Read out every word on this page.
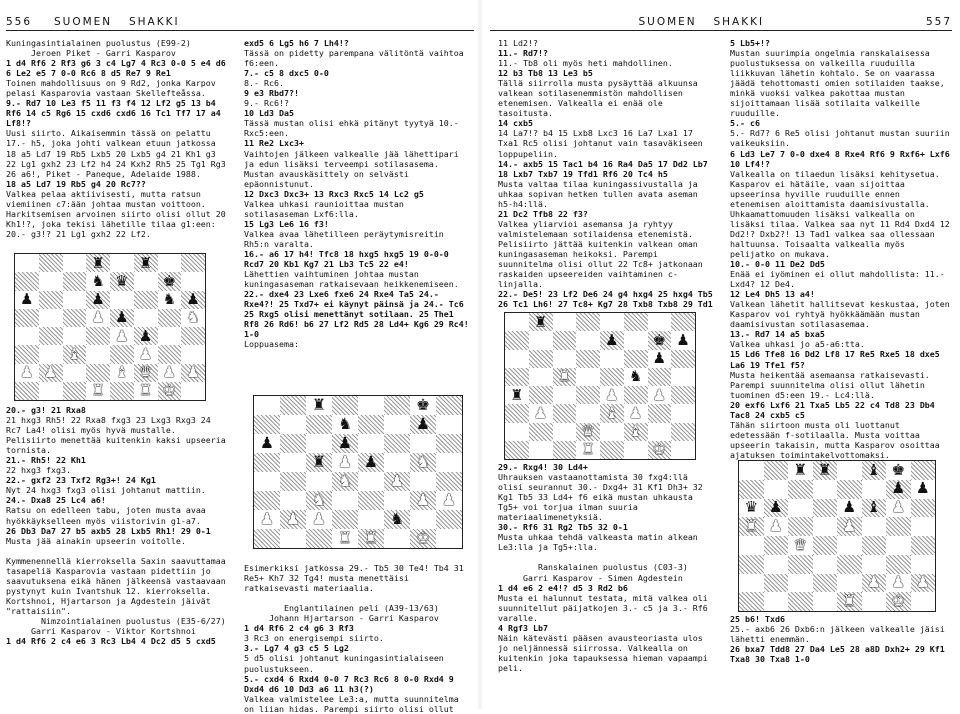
556	SUOMEN	SHAKKI

Kuningasintialainen puolustus (E99-2)

Jeroen Piket - Garri Kasparov

1 d4 Rf6 2 Rf3 g6 3 c4 Lg7 4 Rc3 0-0 5 e4 d6 6 Le2 e5 7 0-0 Rc6 8 d5 Re7 9 Re1

Toinen mahdollisuus on 9 Rd2, jonka Karpov pelasi Kasparovia vastaan Skellefteåssa.

9.- Rd7 10 Le3 f5 11 f3 f4 12 Lf2 g5 13 b4 Rf6 14 c5 Rg6 15 cxd6 cxd6 16 Tc1 Tf7 17 a4 Lf8!?

Uusi siirto. Aikaisemmin tässä on pelattu 17.- h5, joka johti valkean etuun jatkossa 18 a5 Ld7 19 Rb5 Lxb5 20 Lxb5 g4 21 Kh1 g3 22 Lg1 gxh2 23 Lf2 h4 24 Kxh2 Rh5 25 Tg1 Rg3 26 a6!, Piket - Paneque, Adelaide 1988.

18 a5 Ld7 19 Rb5 g4 20 Rc7??

Valkea pelaa aktiivisesti, mutta ratsun viemiinen c7:ään johtaa mustan voittoon. Harkitsemisen arvoinen siirto olisi ollut 20 Kh1!?, joka tekisi lähetille tilaa g1:een: 20.- g3!? 21 Lg1 gxh2 22 Lf2.

♜ ♜
♞ ♛ ♚
♟	♟	♞ ♟
♟ ♟	♞
♟ ♟
♝	♟
♟ ♟	♝ ♛ ♟ ♟
♜ ♜ ♚

20.- g3! 21 Rxa8

21 hxg3 Rh5! 22 Rxa8 fxg3 23 Lxg3 Rxg3 24 Rc7 La4! olisi myös hyvä mustalle. Pelisiirto menettää kuitenkin kaksi upseeria tornista.

21.- Rh5! 22 Kh1

22 hxg3 fxg3.

22.- gxf2 23 Txf2 Rg3+! 24 Kg1

Nyt 24 hxg3 fxg3 olisi johtanut mattiin.

24.- Dxa8 25 Lc4 a6!

Ratsu on edelleen tabu, joten musta avaa hyökkäykselleen myös viistorivin g1-a7.

26 Db3 Da7 27 b5 axb5 28 Lxb5 Rh1! 29 0-1

Musta jää ainakin upseerin voitolle.

Kymmenennellä kierroksella Saxin saavuttamaa tasapeliä Kasparovia vastaan pidettiin jo saavutuksena eikä hänen jälkeensä vastaavaan pystynyt kuin Ivantshuk 12. kierroksella. Kortshnoi, Hjartarson ja Agdestein jäivät "rattaisiin".

Nimzointialainen puolustus (E35-6/27)

Garri Kasparov - Viktor Kortshnoi

1 d4 Rf6 2 c4 e6 3 Rc3 Lb4 4 Dc2 d5 5 cxd5

exd5 6 Lg5 h6 7 Lh4!?

Tässä on pidetty parempana välitöntä vaihtoa f6:een.

7.- c5 8 dxc5 0-0

8.- Rc6.

9 e3 Rbd7?!

9.- Rc6!?

10 Ld3 Da5

Tässä mustan olisi ehkä pitänyt tyytyä 10.- Rxc5:een.

11 Re2 Lxc3+

Vaihtojen jälkeen valkealle jää lähettipari ja edun lisäksi terveempi sotilasasema. Mustan avauskäsittely on selvästi epäonnistunut.

12 Dxc3 Dxc3+ 13 Rxc3 Rxc5 14 Lc2 g5

Valkea uhkasi raunioittaa mustan sotilasaseman Lxf6:lla.

15 Lg3 Le6 16 f3!

Valkea avaa lähetilleen peräytymisreitin Rh5:n varalta.

16.- a6 17 h4! Tfc8 18 hxg5 hxg5 19 0-0-0 Rcd7 20 Kb1 Kg7 21 Lb3 Tc5 22 e4!

Lähettien vaihtuminen johtaa mustan kuningasaseman ratkaisevaan heikkenemiseen.

22.- dxe4 23 Lxe6 fxe6 24 Rxe4 Ta5 24.- Rxe4?! 25 Txd7+ ei käynyt päinsä ja 24.- Tc6 25 Rxg5 olisi menettänyt sotilaan. 25 The1 Rf8 26 Rd6! b6 27 Lf2 Rd5 28 Ld4+ Kg6 29 Rc4! 1-0

Loppuasema:

♜	♚
♞	♟
♟	♟
♜ ♟ ♟ ♞
♞ ♟
♞	♟ ♟
♟ ♟ ♟	♞
♜ ♜ ♚

Esimerkiksi jatkossa 29.- Tb5 30 Te4! Tb4 31 Re5+ Kh7 32 Tg4! musta menettäisi ratkaisevasti materiaalia.

Englantilainen peli (A39-13/63)

Johann Hjartarson - Garri Kasparov

1 d4 Rf6 2 c4 g6 3 Rf3

3 Rc3 on energisempi siirto.

3.- Lg7 4 g3 c5 5 Lg2

5 d5 olisi johtanut kuningasintialaiseen puolustukseen.

5.- cxd4 6 Rxd4 0-0 7 Rc3 Rc6 8 0-0 Rxd4 9 Dxd4 d6 10 Dd3 a6 11 h3(?)

Valkea valmistelee Le3:a, mutta suunnitelma on liian hidas. Parempi siirto olisi ollut

SUOMEN	SHAKKI	557

11 Ld2!?

11.- Rd7!?

11.- Tb8 oli myös heti mahdollinen.

12 b3 Tb8 13 Le3 b5

Tällä siirrolla musta pysäyttää alkuunsa valkean sotilasenemmistön mahdollisen etenemisen. Valkealla ei enää ole tasoitusta.

14 cxb5

14 La7!? b4 15 Lxb8 Lxc3 16 La7 Lxa1 17 Txa1 Rc5 olisi johtanut vain tasaväkiseen loppupeliin.

14.- axb5 15 Tac1 b4 16 Ra4 Da5 17 Dd2 Lb7 18 Lxb7 Txb7 19 Tfd1 Rf6 20 Tc4 h5

Musta valtaa tilaa kuningassivustalla ja uhkaa sopivan hetken tullen avata aseman h5-h4:llä.

21 Dc2 Tfb8 22 f3?

Valkea yliarvioi asemansa ja ryhtyy valmistelemaan sotilaidensa etenemistä. Pelisiirto jättää kuitenkin valkean oman kuningasaseman heikoksi. Parempi suunnitelma olisi ollut 22 Tc8+ jatkonaan raskaiden upseereiden vaihtaminen c-linjalla.

22.- De5! 23 Lf2 De6 24 g4 hxg4 25 hxg4 Tb5 26 Tc1 Lh6! 27 Tc8+ Kg7 28 Txb8 Txb8 29 Td1

♜
♟ ♚ ♟
♟
♜	♞
♜	♟ ♟
♟	♝ ♟
♛ ♝
♜	♚

29.- Rxg4! 30 Ld4+

Uhrauksen vastaanottamista 30 fxg4:llä olisi seurannut 30.- Dxg4+ 31 Kf1 Dh3+ 32 Kg1 Tb5 33 Ld4+ f6 eikä mustan uhkausta Tg5+ voi torjua ilman suuria materiaalimenetyksiä.

30.- Rf6 31 Rg2 Tb5 32 0-1

Musta uhkaa tehdä valkeasta matin alkean Le3:lla ja Tg5+:lla.

Ranskalainen puolustus (C03-3)

Garri Kasparov - Simen Agdestein

1 d4 e6 2 e4!? d5 3 Rd2 b6

Musta ei halunnut testata, mitä valkea oli suunnitellut päijatkojen 3.- c5 ja 3.- Rf6 varalle.

4 Rgf3 Lb7

Näin kätevästi pääsen avausteoriasta ulos jo neljännessä siirrossa. Valkealla on kuitenkin joka tapauksessa hieman vapaampi peli.

5 Lb5+!?

Mustan suurimpia ongelmia ranskalaisessa puolustuksessa on valkeilla ruuduilla liikkuvan lähetin kohtalo. Se on vaarassa jäädä tehottomasti omien sotilaiden taakse, minkä vuoksi valkea pakottaa mustan sijoittamaan lisää sotilaita valkeille ruuduille.

5.- c6

5.- Rd7? 6 Re5 olisi johtanut mustan suuriin vaikeuksiin.

6 Ld3 Le7 7 0-0 dxe4 8 Rxe4 Rf6 9 Rxf6+ Lxf6 10 Lf4!?

Valkealla on tilaedun lisäksi kehitysetua. Kasparov ei hätäile, vaan sijoittaa upseerinsa hyville ruuduille ennen etenemisen aloittamista daamisivustalla. Uhkaamattomuuden lisäksi valkealla on lisäksi tilaa. Valkea saa nyt 11 Rd4 Dxd4 12 Dd2!? Dxb2?! 13 Tad1 valkea saa ollessaan haltuunsa. Toisaalta valkealla myös pelijatko on mukava.

10.- 0-0 11 De2 Dd5

Enää ei iyöminen ei ollut mahdollista: 11.- Lxd4? 12 De4.

12 Le4 Dh5 13 a4!

Valkean lähetit hallitsevat keskustaa, joten Kasparov voi ryhtyä hyökkäämään mustan daamisivustan sotilasasemaa.

13.- Rd7 14 a5 bxa5

Valkea uhkasi jo a5-a6:tta.

15 Ld6 Tfe8 16 Dd2 Lf8 17 Re5 Rxe5 18 dxe5 La6 19 Tfe1 f5?

Musta heikentää asemaansa ratkaisevasti. Parempi suunnitelma olisi ollut lähetin tuominen d5:een 19.- Lc4:llä.

20 exf6 Lxf6 21 Txa5 Lb5 22 c4 Td8 23 Db4 Tac8 24 cxb5 c5

Tähän siirtoon musta oli luottanut edetessään f-sotilaalla. Musta voittaa upseerin takaisin, mutta Kasparov osoittaa ajatuksen toimintakelvottomaksi.

♜ ♜ ♝ ♚
♟ ♟
♛ ♟	♟ ♝ ♟
♜ ♟	♟
♛
♟ ♟ ♟
♜ ♚

25 b6! Txd6

25.- axb6 26 Dxb6:n jälkeen valkealle jäisi lähetti enemmän.

26 bxa7 Tdd8 27 Da4 Le5 28 a8D Dxh2+ 29 Kf1 Txa8 30 Txa8 1-0
